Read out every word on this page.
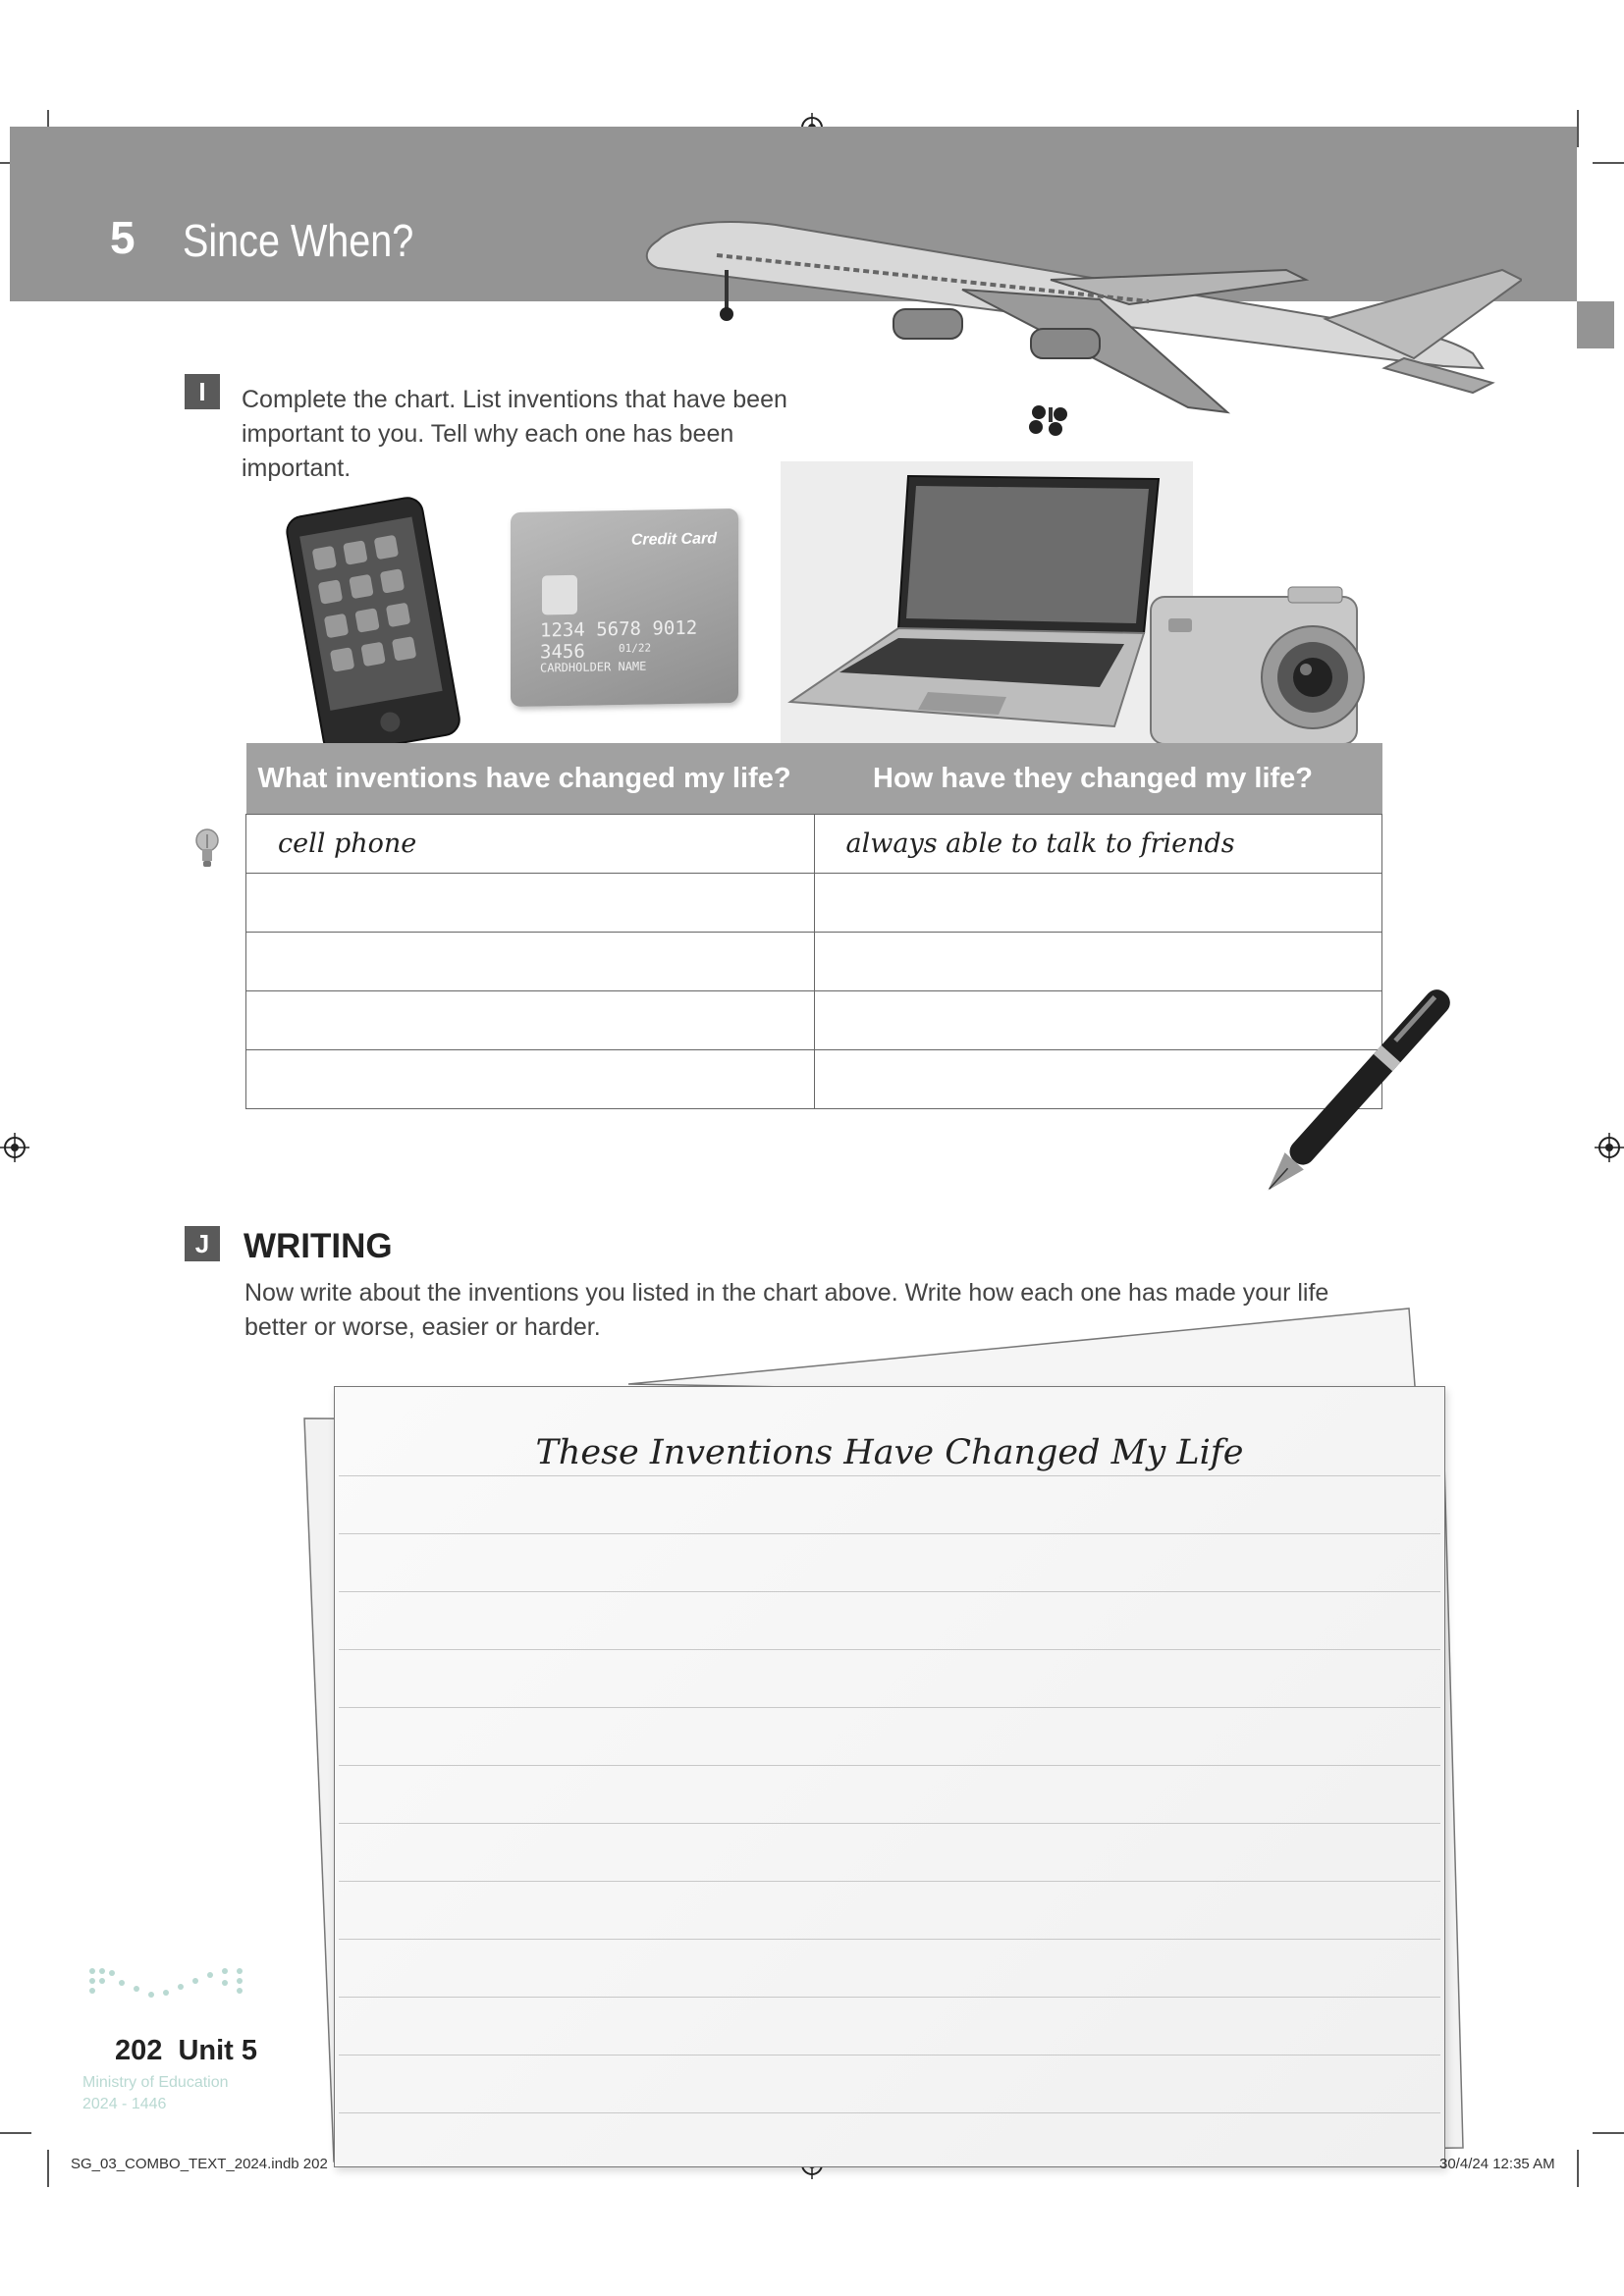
5 Since When?
I	Complete the chart. List inventions that have been important to you. Tell why each one has been important.
Credit Card
1234 5678 9012 3456	01/22
CARDHOLDER NAME
What inventions have changed my life?	How have they changed my life?
cell phone	always able to talk to friends

J WRITING
Now write about the inventions you listed in the chart above. Write how each one has made your life better or worse, easier or harder.
These Inventions Have Changed My Life
Ministry of Education
2024 - 1446
202 Unit 5
SG_03_COMBO_TEXT_2024.indb 202	30/4/24 12:35 AM
